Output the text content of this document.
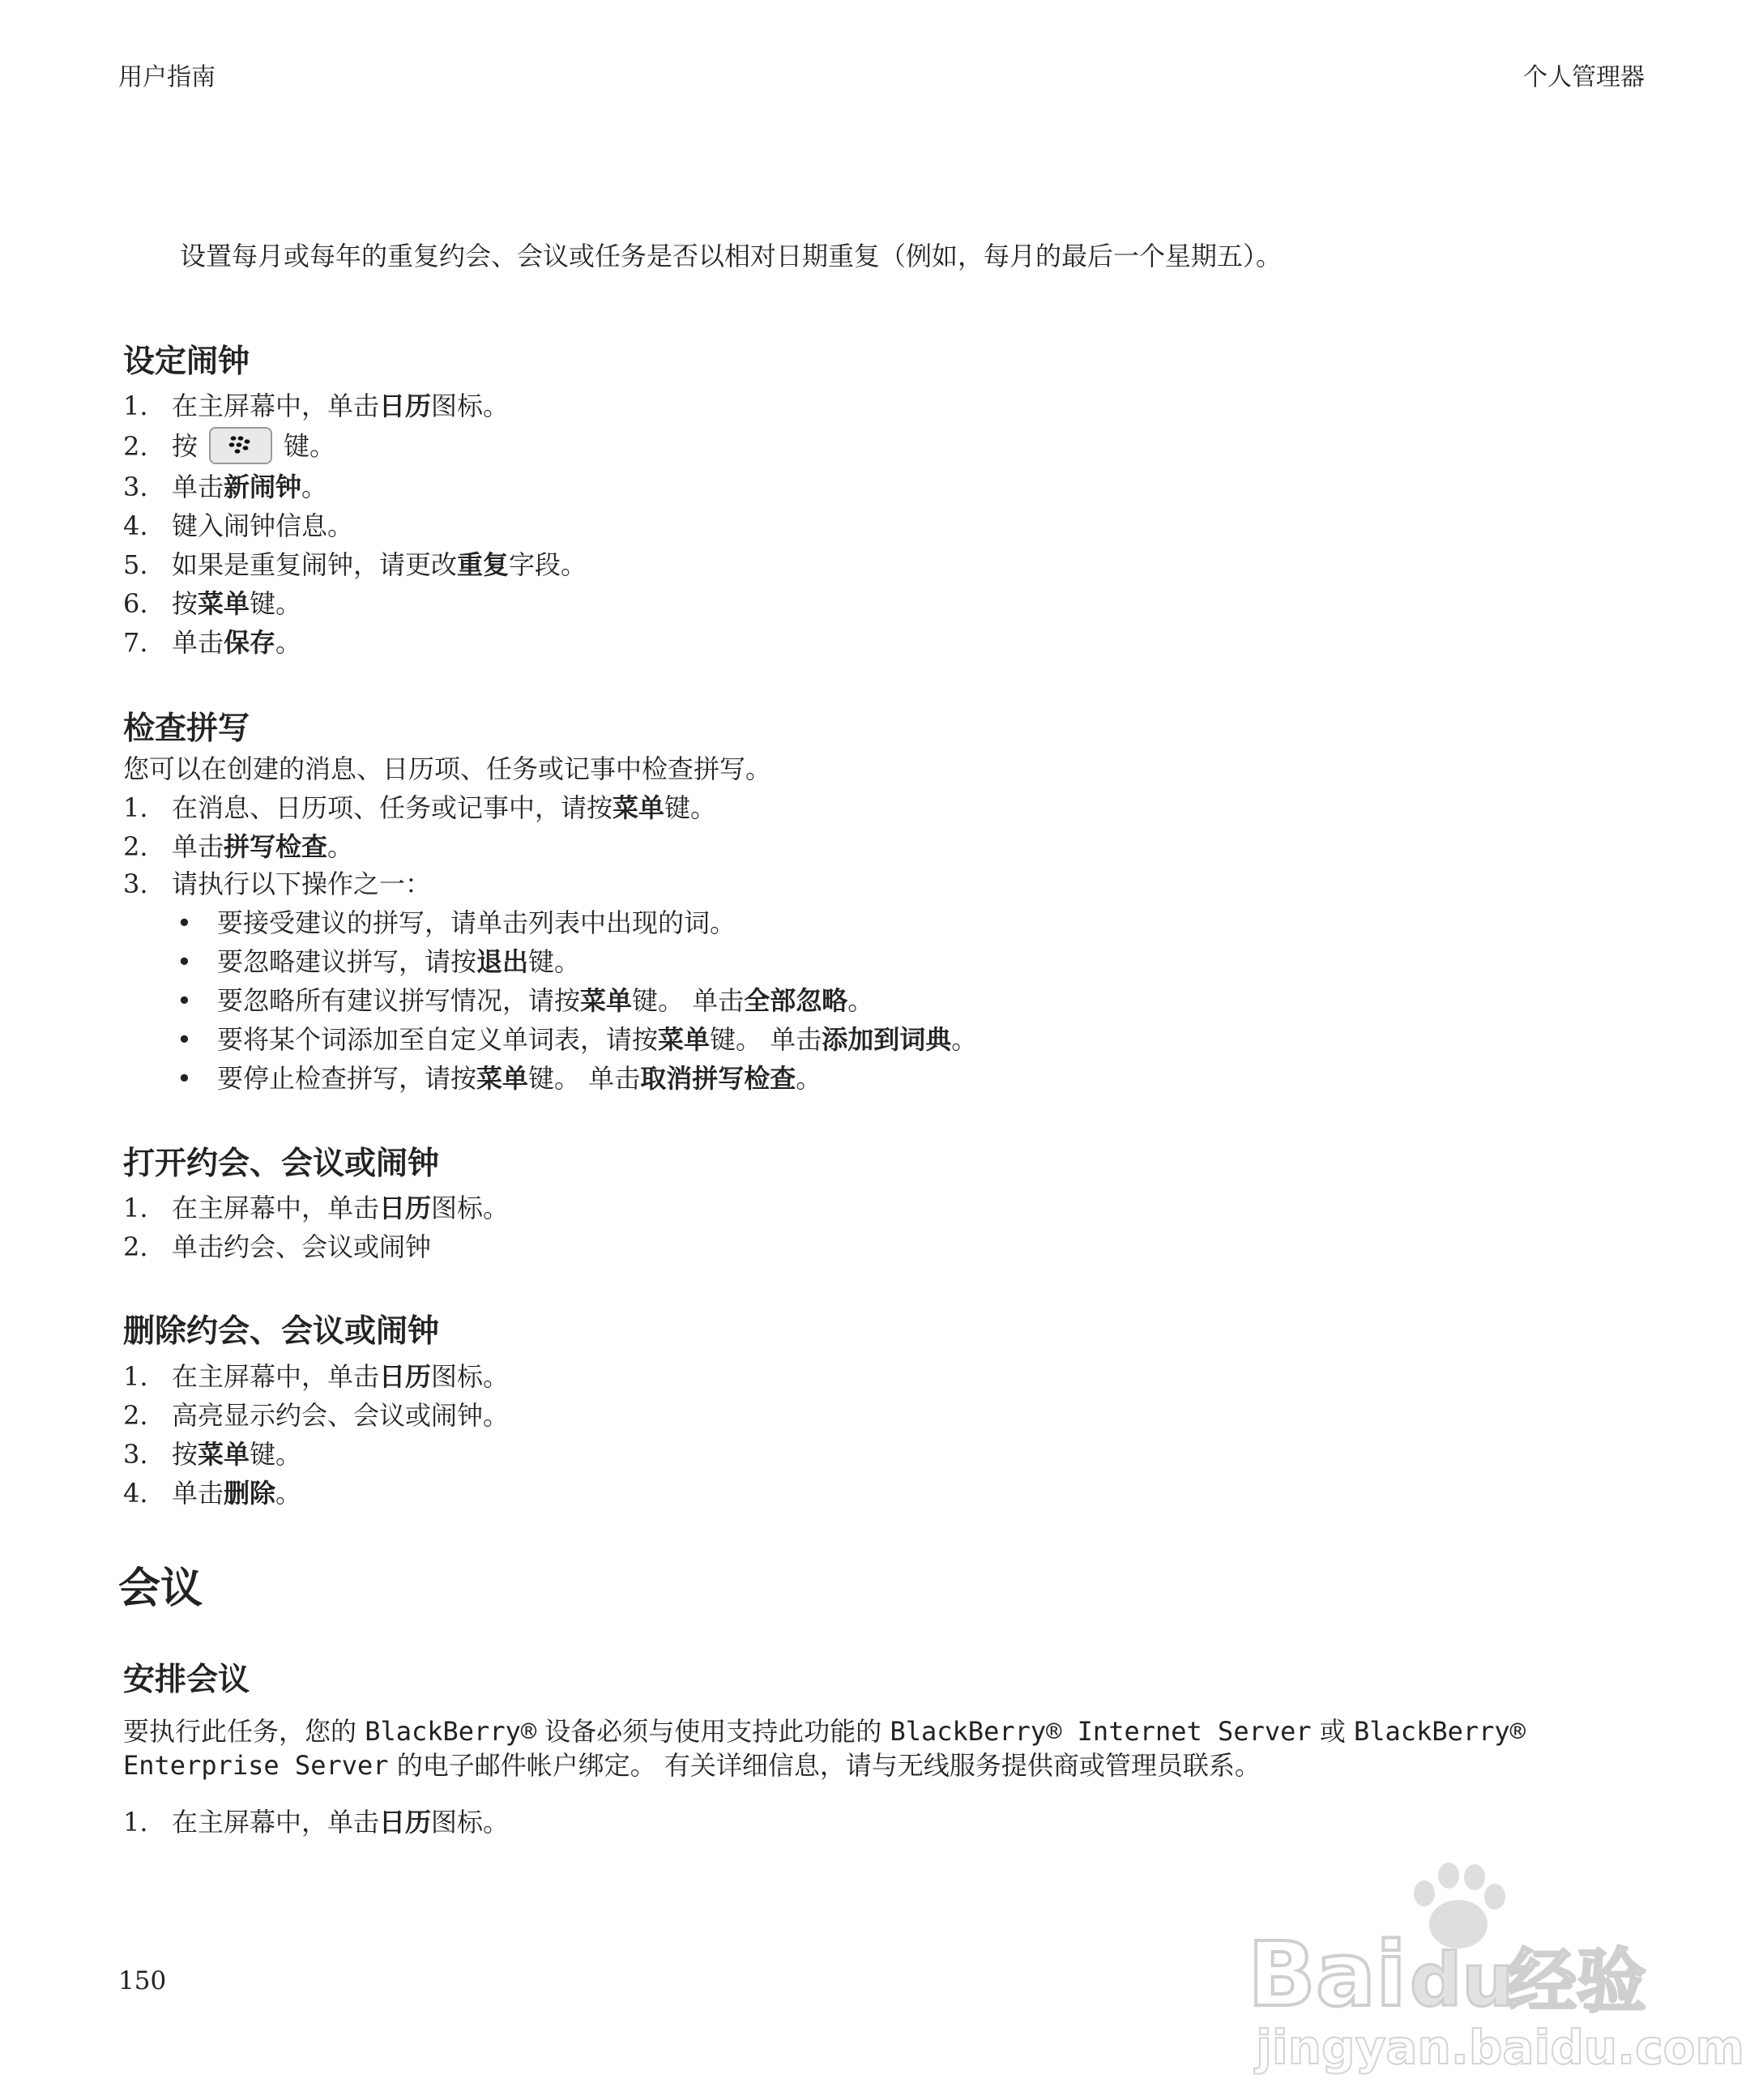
用户指南	个人管理器
设置每月或每年的重复约会、会议或任务是否以相对日期重复（例如，每月的最后一个星期五）。
设定闹钟
1. 在主屏幕中，单击日历图标。
2. 按	键。
3. 单击新闹钟。
4. 键入闹钟信息。
5. 如果是重复闹钟，请更改重复字段。
6. 按菜单键。
7. 单击保存。
检查拼写
您可以在创建的消息、日历项、任务或记事中检查拼写。
1. 在消息、日历项、任务或记事中，请按菜单键。
2. 单击拼写检查。
3. 请执行以下操作之一：
• 要接受建议的拼写，请单击列表中出现的词。
• 要忽略建议拼写，请按退出键。
• 要忽略所有建议拼写情况，请按菜单键。 单击全部忽略。
• 要将某个词添加至自定义单词表，请按菜单键。 单击添加到词典。
• 要停止检查拼写，请按菜单键。 单击取消拼写检查。
打开约会、会议或闹钟
1. 在主屏幕中，单击日历图标。
2. 单击约会、会议或闹钟
删除约会、会议或闹钟
1. 在主屏幕中，单击日历图标。
2. 高亮显示约会、会议或闹钟。
3. 按菜单键。
4. 单击删除。
会议
安排会议
要执行此任务，您的 BlackBerry® 设备必须与使用支持此功能的 BlackBerry® Internet Server 或 BlackBerry®
Enterprise Server 的电子邮件帐户绑定。 有关详细信息，请与无线服务提供商或管理员联系。
1. 在主屏幕中，单击日历图标。
150	Bai du
经验
jingyan.baidu.com
